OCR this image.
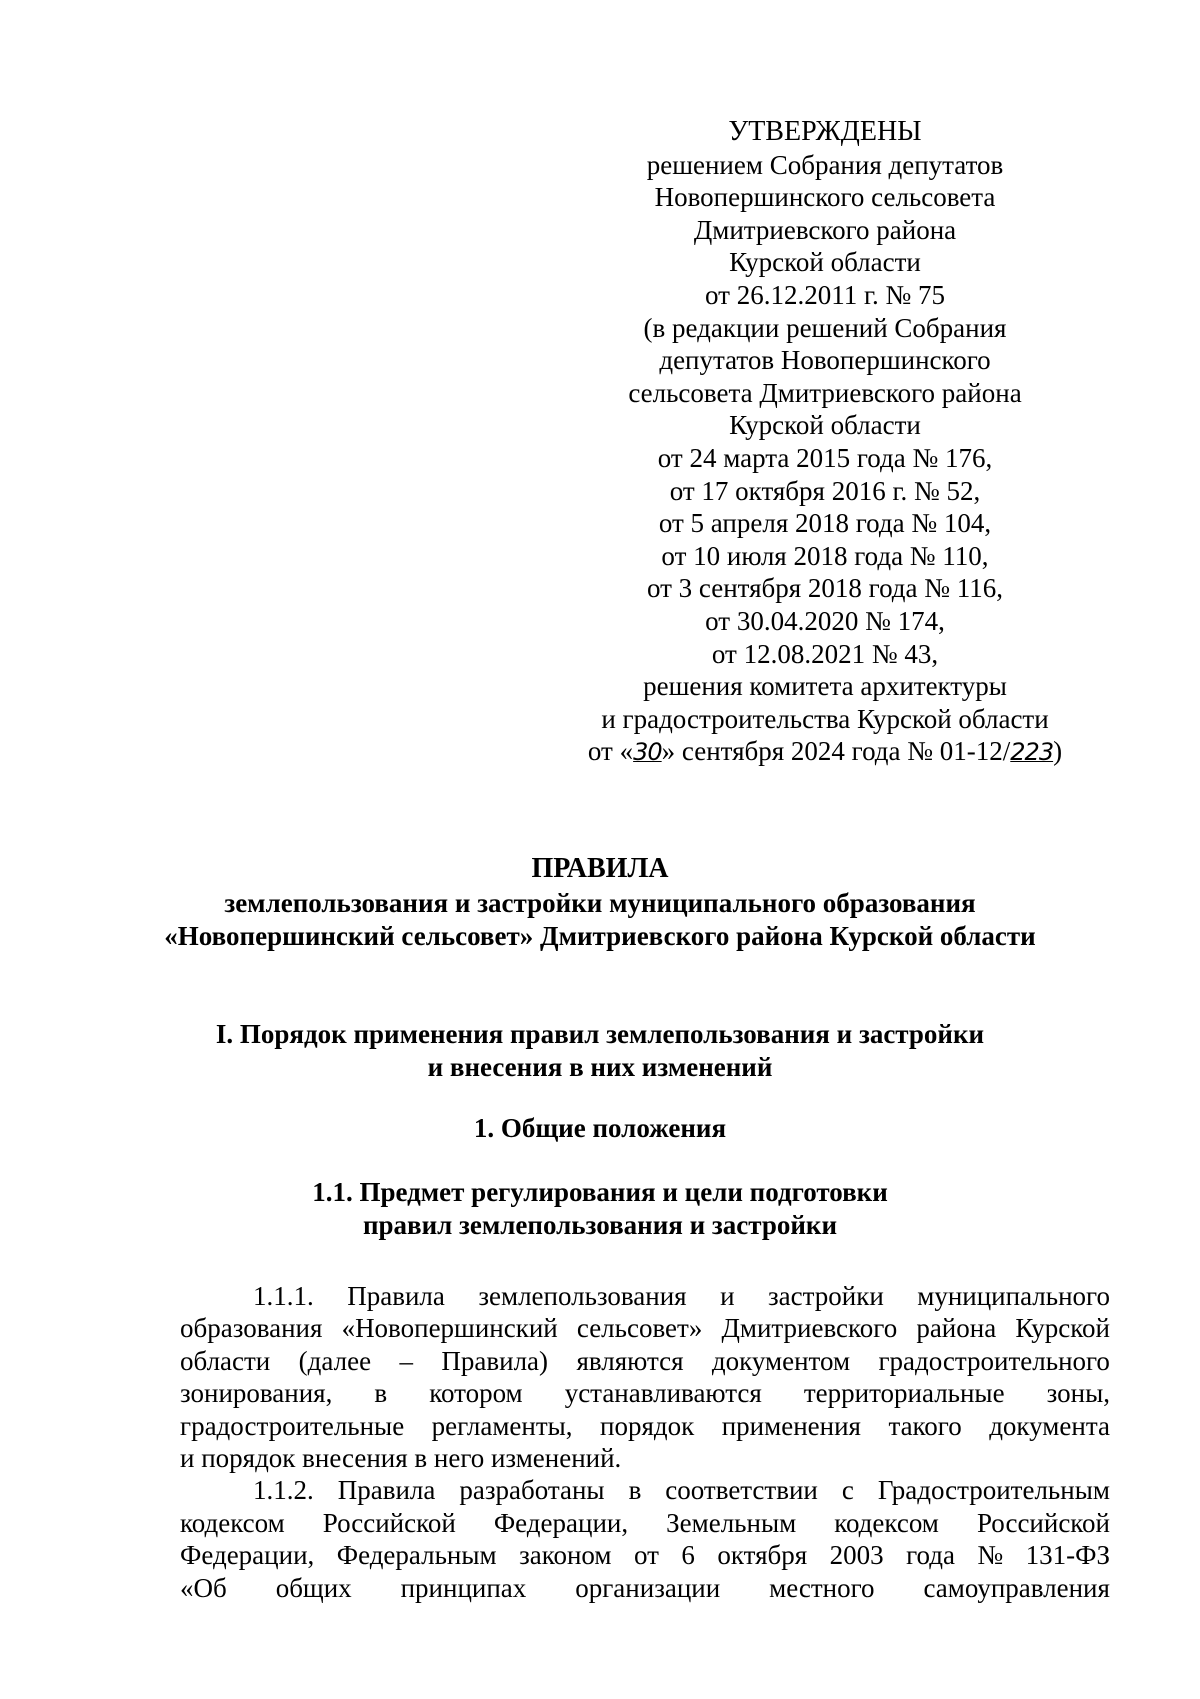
УТВЕРЖДЕНЫ
решением Собрания депутатов
Новопершинского сельсовета
Дмитриевского района
Курской области
от 26.12.2011 г. № 75
(в редакции решений Собрания
депутатов Новопершинского
сельсовета Дмитриевского района
Курской области
от 24 марта 2015 года № 176,
от 17 октября 2016 г. № 52,
от 5 апреля 2018 года № 104,
от 10 июля 2018 года № 110,
от 3 сентября 2018 года № 116,
от 30.04.2020 № 174,
от 12.08.2021 № 43,
решения комитета архитектуры
и градостроительства Курской области
от «30» сентября 2024 года № 01-12/223)
ПРАВИЛА
землепользования и застройки муниципального образования
«Новопершинский сельсовет» Дмитриевского района Курской области
I. Порядок применения правил землепользования и застройки
и внесения в них изменений
1. Общие положения
1.1. Предмет регулирования и цели подготовки
правил землепользования и застройки
1.1.1. Правила землепользования и застройки муниципального
образования «Новопершинский сельсовет» Дмитриевского района Курской
области (далее – Правила) являются документом градостроительного
зонирования, в котором устанавливаются территориальные зоны,
градостроительные регламенты, порядок применения такого документа
и порядок внесения в него изменений.
1.1.2. Правила разработаны в соответствии с Градостроительным
кодексом Российской Федерации, Земельным кодексом Российской
Федерации, Федеральным законом от 6 октября 2003 года № 131-ФЗ
«Об общих принципах организации местного самоуправления
